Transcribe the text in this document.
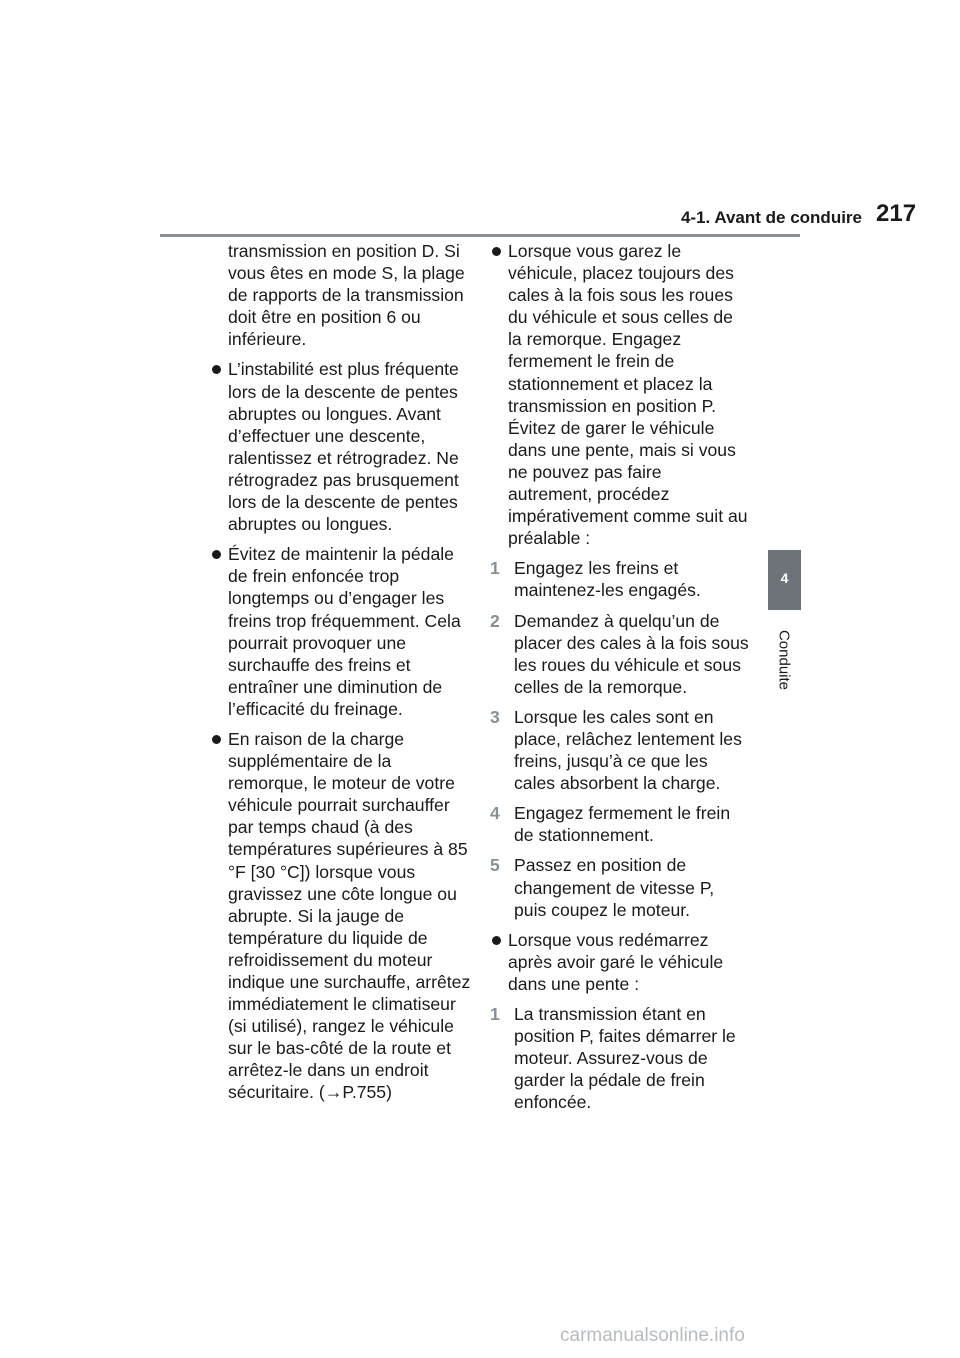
4-1. Avant de conduire 217
4
Conduite

transmission en position D. Si vous êtes en mode S, la plage de rapports de la transmission doit être en position 6 ou inférieure.

L’instabilité est plus fréquente lors de la descente de pentes abruptes ou longues. Avant d’effectuer une descente, ralentissez et rétrogradez. Ne rétrogradez pas brusquement lors de la descente de pentes abruptes ou longues.
Évitez de maintenir la pédale de frein enfoncée trop longtemps ou d’engager les freins trop fréquemment. Cela pourrait provoquer une surchauffe des freins et entraîner une diminution de l’efficacité du freinage.
En raison de la charge supplémentaire de la remorque, le moteur de votre véhicule pourrait surchauffer par temps chaud (à des températures supérieures à 85 °F [30 °C]) lorsque vous gravissez une côte longue ou abrupte. Si la jauge de température du liquide de refroidissement du moteur indique une surchauffe, arrêtez immédiatement le climatiseur (si utilisé), rangez le véhicule sur le bas-côté de la route et arrêtez-le dans un endroit sécuritaire. (→P.755)
Lorsque vous garez le véhicule, placez toujours des cales à la fois sous les roues du véhicule et sous celles de la remorque. Engagez fermement le frein de stationnement et placez la transmission en position P. Évitez de garer le véhicule dans une pente, mais si vous ne pouvez pas faire autrement, procédez impérativement comme suit au préalable :
1 Engagez les freins et maintenez-les engagés.
2 Demandez à quelqu’un de placer des cales à la fois sous les roues du véhicule et sous celles de la remorque.
3 Lorsque les cales sont en place, relâchez lentement les freins, jusqu’à ce que les cales absorbent la charge.
4 Engagez fermement le frein de stationnement.
5 Passez en position de changement de vitesse P, puis coupez le moteur.
Lorsque vous redémarrez après avoir garé le véhicule dans une pente :
1 La transmission étant en position P, faites démarrer le moteur. Assurez-vous de garder la pédale de frein enfoncée.
carmanualsonline.info
